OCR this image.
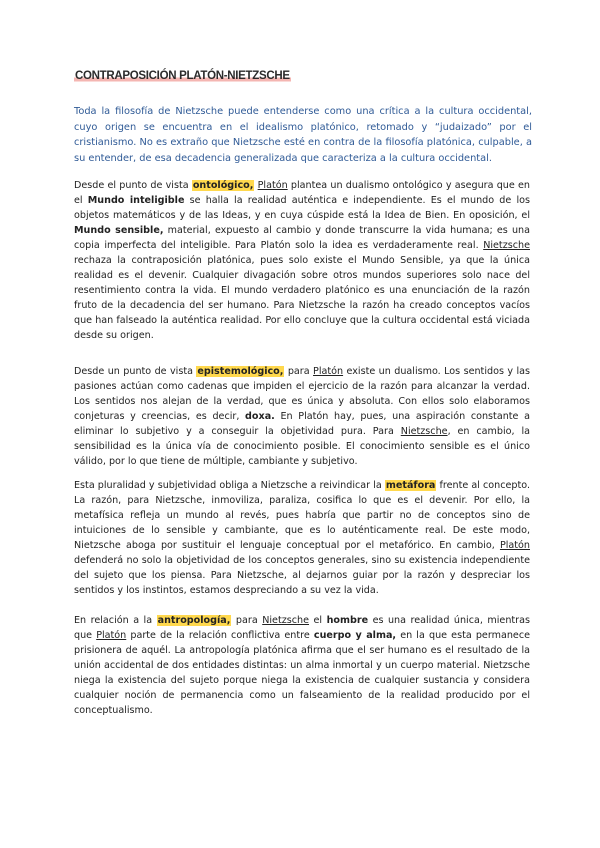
CONTRAPOSICIÓN PLATÓN-NIETZSCHE

Toda la filosofía de Nietzsche puede entenderse como una crítica a la cultura occidental, cuyo origen se encuentra en el idealismo platónico, retomado y “judaizado” por el cristianismo. No es extraño que Nietzsche esté en contra de la filosofía platónica, culpable, a su entender, de esa decadencia generalizada que caracteriza a la cultura occidental.

Desde el punto de vista ontológico, Platón plantea un dualismo ontológico y asegura que en el Mundo inteligible se halla la realidad auténtica e independiente. Es el mundo de los objetos matemáticos y de las Ideas, y en cuya cúspide está la Idea de Bien. En oposición, el Mundo sensible, material, expuesto al cambio y donde transcurre la vida humana; es una copia imperfecta del inteligible. Para Platón solo la idea es verdaderamente real. Nietzsche rechaza la contraposición platónica, pues solo existe el Mundo Sensible, ya que la única realidad es el devenir. Cualquier divagación sobre otros mundos superiores solo nace del resentimiento contra la vida. El mundo verdadero platónico es una enunciación de la razón fruto de la decadencia del ser humano. Para Nietzsche la razón ha creado conceptos vacíos que han falseado la auténtica realidad. Por ello concluye que la cultura occidental está viciada desde su origen.

Desde un punto de vista epistemológico, para Platón existe un dualismo. Los sentidos y las pasiones actúan como cadenas que impiden el ejercicio de la razón para alcanzar la verdad. Los sentidos nos alejan de la verdad, que es única y absoluta. Con ellos solo elaboramos conjeturas y creencias, es decir, doxa. En Platón hay, pues, una aspiración constante a eliminar lo subjetivo y a conseguir la objetividad pura. Para Nietzsche, en cambio, la sensibilidad es la única vía de conocimiento posible. El conocimiento sensible es el único válido, por lo que tiene de múltiple, cambiante y subjetivo.

Esta pluralidad y subjetividad obliga a Nietzsche a reivindicar la metáfora frente al concepto. La razón, para Nietzsche, inmoviliza, paraliza, cosifica lo que es el devenir. Por ello, la metafísica refleja un mundo al revés, pues habría que partir no de conceptos sino de intuiciones de lo sensible y cambiante, que es lo auténticamente real. De este modo, Nietzsche aboga por sustituir el lenguaje conceptual por el metafórico. En cambio, Platón defenderá no solo la objetividad de los conceptos generales, sino su existencia independiente del sujeto que los piensa. Para Nietzsche, al dejarnos guiar por la razón y despreciar los sentidos y los instintos, estamos despreciando a su vez la vida.

En relación a la antropología, para Nietzsche el hombre es una realidad única, mientras que Platón parte de la relación conflictiva entre cuerpo y alma, en la que esta permanece prisionera de aquél. La antropología platónica afirma que el ser humano es el resultado de la unión accidental de dos entidades distintas: un alma inmortal y un cuerpo material. Nietzsche niega la existencia del sujeto porque niega la existencia de cualquier sustancia y considera cualquier noción de permanencia como un falseamiento de la realidad producido por el conceptualismo.
